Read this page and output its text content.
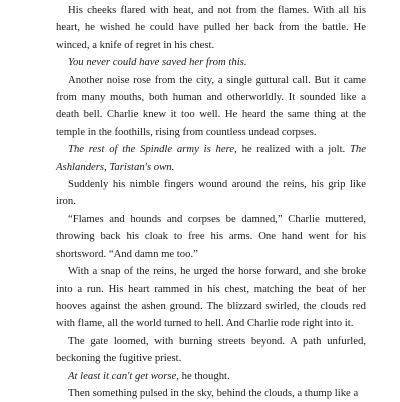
His cheeks flared with heat, and not from the flames. With all his heart, he wished he could have pulled her back from the battle. He winced, a knife of regret in his chest.

You never could have saved her from this.

Another noise rose from the city, a single guttural call. But it came from many mouths, both human and otherworldly. It sounded like a death bell. Charlie knew it too well. He heard the same thing at the temple in the foothills, rising from countless undead corpses.

The rest of the Spindle army is here, he realized with a jolt. The Ashlanders, Taristan's own.

Suddenly his nimble fingers wound around the reins, his grip like iron.

“Flames and hounds and corpses be damned,” Charlie muttered, throwing back his cloak to free his arms. One hand went for his shortsword. “And damn me too.”

With a snap of the reins, he urged the horse forward, and she broke into a run. His heart rammed in his chest, matching the beat of her hooves against the ashen ground. The blizzard swirled, the clouds red with flame, all the world turned to hell. And Charlie rode right into it.

The gate loomed, with burning streets beyond. A path unfurled, beckoning the fugitive priest.

At least it can't get worse, he thought.

Then something pulsed in the sky, behind the clouds, a thump like a
